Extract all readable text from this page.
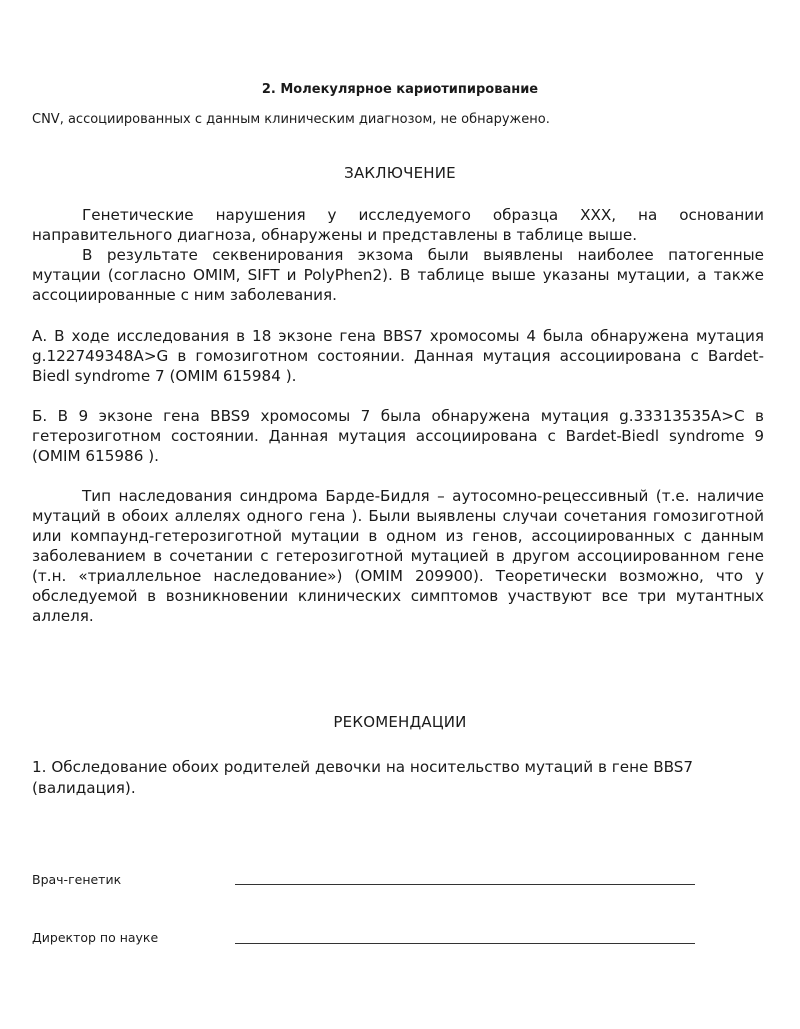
2. Молекулярное кариотипирование
CNV, ассоциированных с данным клиническим диагнозом, не обнаружено.
ЗАКЛЮЧЕНИЕ

Генетические нарушения у исследуемого образца XXX, на основании направительного диагноза, обнаружены и представлены в таблице выше.

В результате секвенирования экзома были выявлены наиболее патогенные мутации (согласно OMIM, SIFT и PolyPhen2). В таблице выше указаны мутации, а также ассоциированные с ним заболевания.

А. В ходе исследования в 18 экзоне гена BBS7 хромосомы 4 была обнаружена мутация g.122749348A>G в гомозиготном состоянии. Данная мутация ассоциирована с Bardet-Biedl syndrome 7 (OMIM 615984 ).

Б. В 9 экзоне гена BBS9 хромосомы 7 была обнаружена мутация g.33313535A>C в гетерозиготном состоянии. Данная мутация ассоциирована с Bardet-Biedl syndrome 9 (OMIM 615986 ).

Тип наследования синдрома Барде-Бидля – аутосомно-рецессивный (т.е. наличие мутаций в обоих аллелях одного гена ). Были выявлены случаи сочетания гомозиготной или компаунд-гетерозиготной мутации в одном из генов, ассоциированных с данным заболеванием в сочетании с гетерозиготной мутацией в другом ассоциированном гене (т.н. «триаллельное наследование») (OMIM 209900). Теоретически возможно, что у обследуемой в возникновении клинических симптомов участвуют все три мутантных аллеля.

РЕКОМЕНДАЦИИ
1. Обследование обоих родителей девочки на носительство мутаций в гене BBS7 (валидация).
Врач-генетик
Директор по науке
